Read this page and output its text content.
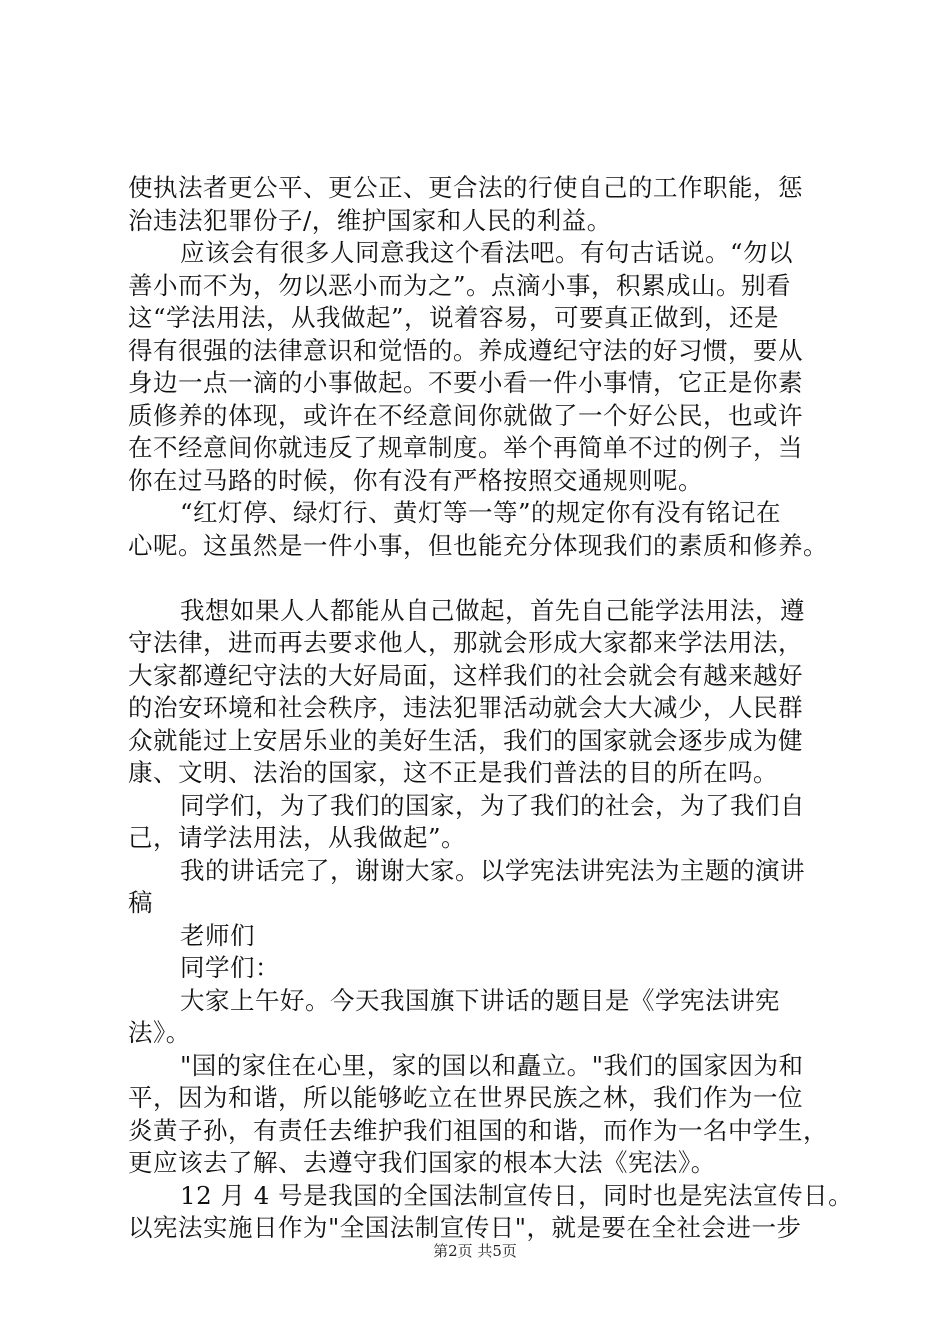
使执法者更公平、更公正、更合法的行使自己的工作职能，惩
治违法犯罪份子/，维护国家和人民的利益。
应该会有很多人同意我这个看法吧。有句古话说。“勿以
善小而不为，勿以恶小而为之”。点滴小事，积累成山。别看
这“学法用法，从我做起”，说着容易，可要真正做到，还是
得有很强的法律意识和觉悟的。养成遵纪守法的好习惯，要从
身边一点一滴的小事做起。不要小看一件小事情，它正是你素
质修养的体现，或许在不经意间你就做了一个好公民，也或许
在不经意间你就违反了规章制度。举个再简单不过的例子，当
你在过马路的时候，你有没有严格按照交通规则呢。
“红灯停、绿灯行、黄灯等一等”的规定你有没有铭记在
心呢。这虽然是一件小事，但也能充分体现我们的素质和修养。
我想如果人人都能从自己做起，首先自己能学法用法，遵
守法律，进而再去要求他人，那就会形成大家都来学法用法，
大家都遵纪守法的大好局面，这样我们的社会就会有越来越好
的治安环境和社会秩序，违法犯罪活动就会大大减少，人民群
众就能过上安居乐业的美好生活，我们的国家就会逐步成为健
康、文明、法治的国家，这不正是我们普法的目的所在吗。
同学们，为了我们的国家，为了我们的社会，为了我们自
己，请学法用法，从我做起”。
我的讲话完了，谢谢大家。以学宪法讲宪法为主题的演讲
稿
老师们
同学们：
大家上午好。今天我国旗下讲话的题目是《学宪法讲宪
法》。
"国的家住在心里，家的国以和矗立。"我们的国家因为和
平，因为和谐，所以能够屹立在世界民族之林，我们作为一位
炎黄子孙，有责任去维护我们祖国的和谐，而作为一名中学生，
更应该去了解、去遵守我们国家的根本大法《宪法》。
12 月 4 号是我国的全国法制宣传日，同时也是宪法宣传日。
以宪法实施日作为"全国法制宣传日"，就是要在全社会进一步
第2页 共5页
